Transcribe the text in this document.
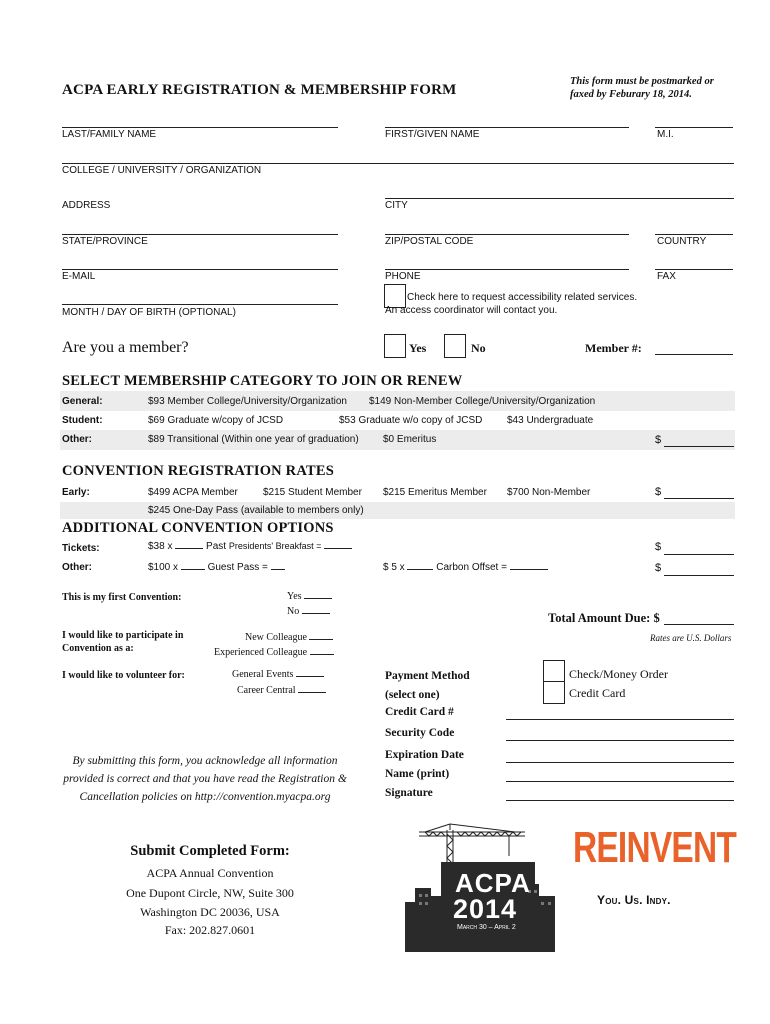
ACPA EARLY REGISTRATION & MEMBERSHIP FORM
This form must be postmarked or
faxed by Feburary 18, 2014.
LAST/FAMILY NAME	FIRST/GIVEN NAME	M.I.
COLLEGE / UNIVERSITY / ORGANIZATION
ADDRESS	CITY
STATE/PROVINCE	ZIP/POSTAL CODE	COUNTRY
E-MAIL	PHONE	FAX
MONTH / DAY OF BIRTH (OPTIONAL)
Check here to request accessibility related services.
An access coordinator will contact you.
Are you a member?	Yes	No	Member #:
SELECT MEMBERSHIP CATEGORY TO JOIN OR RENEW
General:	$93 Member College/University/Organization $149 Non-Member College/University/Organization
Student:	$69 Graduate w/copy of JCSD	$53 Graduate w/o copy of JCSD $43 Undergraduate
Other:	$89 Transitional (Within one year of graduation) $0 Emeritus	$
CONVENTION REGISTRATION RATES
Early:	$499 ACPA Member	$215 Student Member $215 Emeritus Member $700 Non-Member	$
$245 One-Day Pass (available to members only)
ADDITIONAL CONVENTION OPTIONS
Tickets:	$38 x	Past Presidents' Breakfast =	$
Other:	$100 x	Guest Pass =	$ 5 x	Carbon Offset =	$
This is my first Convention:	Yes
No
I would like to participate in
Convention as a:
New Colleague
Experienced Colleague
I would like to volunteer for:	General Events
Career Central
Total Amount Due: $
Rates are U.S. Dollars
Payment Method
(select one)
Check/Money Order
Credit Card
Credit Card #
Security Code
Expiration Date
Name (print)
Signature
By submitting this form, you acknowledge all information
provided is correct and that you have read the Registration &
Cancellation policies on http://convention.myacpa.org
Submit Completed Form:
ACPA Annual Convention
One Dupont Circle, NW, Suite 300
Washington DC 20036, USA
Fax: 202.827.0601
ACPA
2014
March 30 – April 2
REINVENT
You. Us. Indy.
